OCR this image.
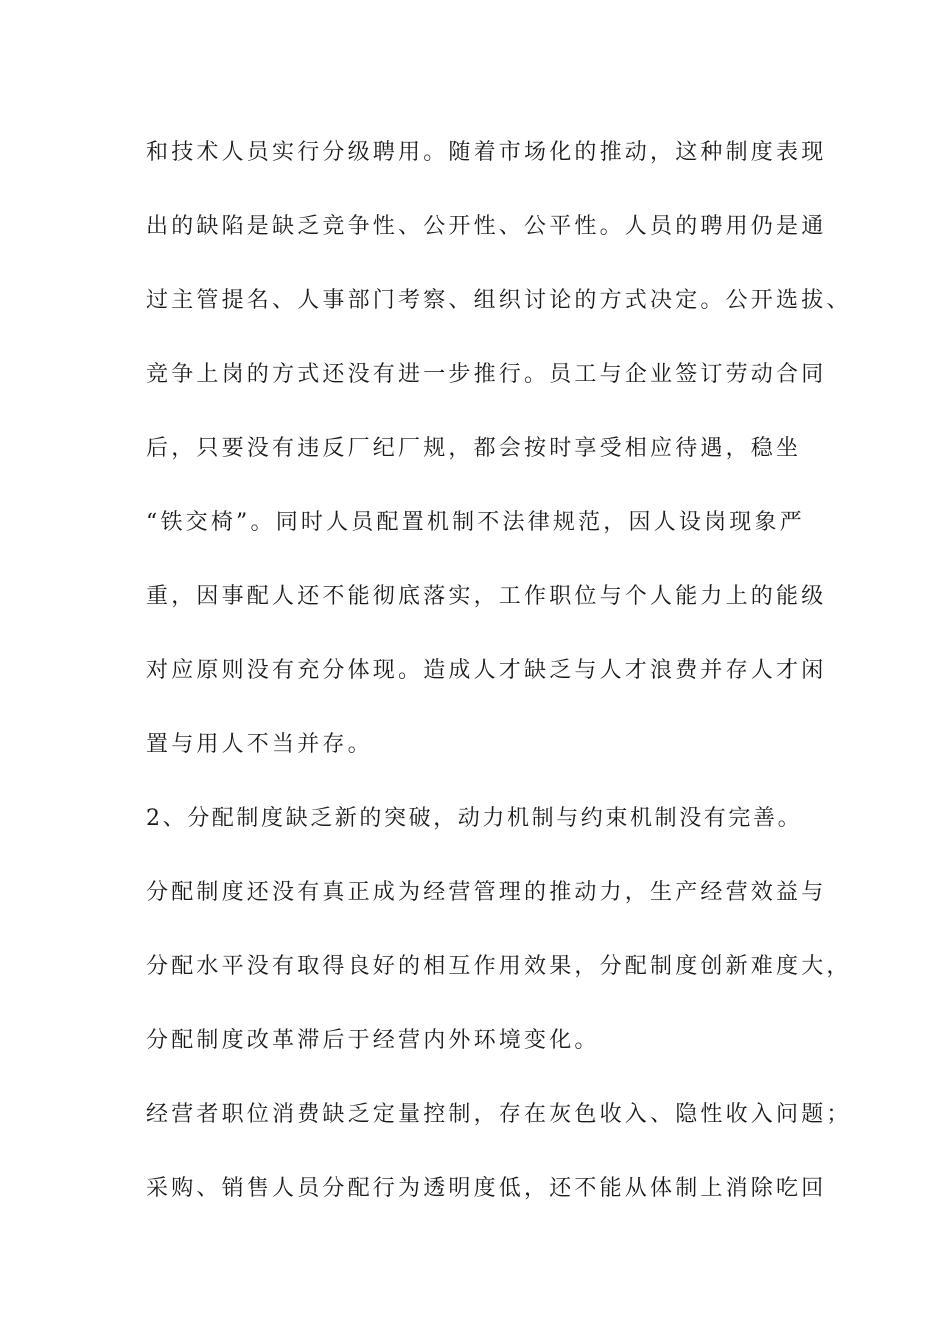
和技术人员实行分级聘用。随着市场化的推动，这种制度表现
出的缺陷是缺乏竞争性、公开性、公平性。人员的聘用仍是通
过主管提名、人事部门考察、组织讨论的方式决定。公开选拔、
竞争上岗的方式还没有进一步推行。员工与企业签订劳动合同
后，只要没有违反厂纪厂规，都会按时享受相应待遇，稳坐
“铁交椅”。同时人员配置机制不法律规范，因人设岗现象严
重，因事配人还不能彻底落实，工作职位与个人能力上的能级
对应原则没有充分体现。造成人才缺乏与人才浪费并存人才闲
置与用人不当并存。
2、分配制度缺乏新的突破，动力机制与约束机制没有完善。
分配制度还没有真正成为经营管理的推动力，生产经营效益与
分配水平没有取得良好的相互作用效果，分配制度创新难度大，
分配制度改革滞后于经营内外环境变化。
经营者职位消费缺乏定量控制，存在灰色收入、隐性收入问题；
采购、销售人员分配行为透明度低，还不能从体制上消除吃回
